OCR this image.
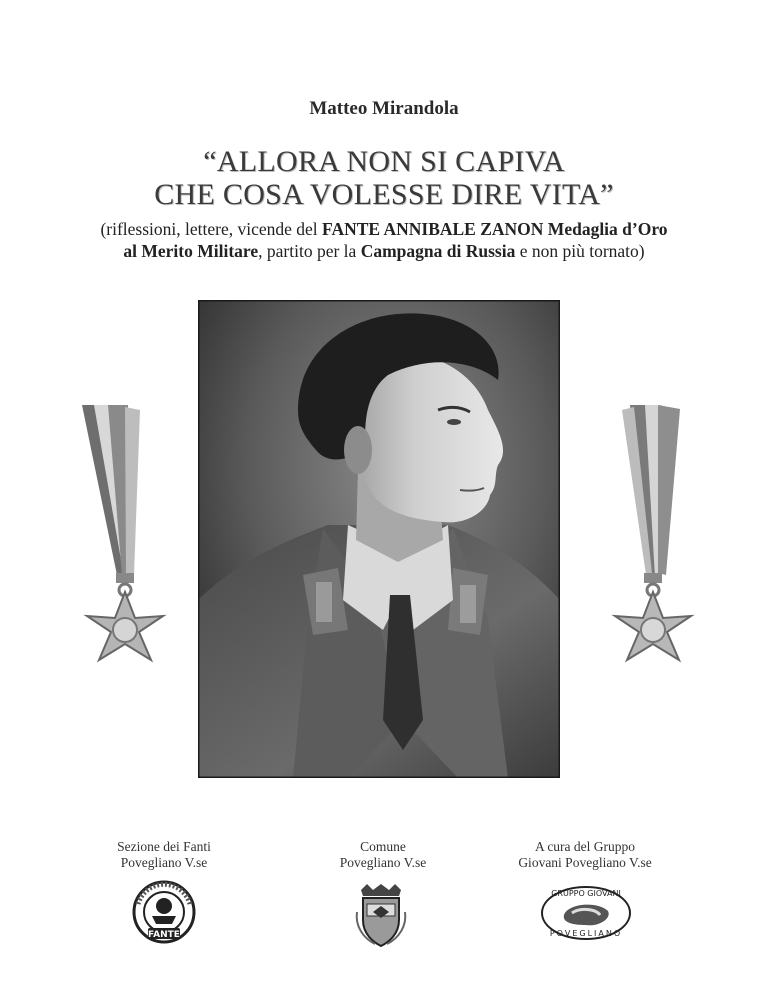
Matteo Mirandola
“ALLORA NON SI CAPIVA
CHE COSA VOLESSE DIRE VITA”
(riflessioni, lettere, vicende del FANTE ANNIBALE ZANON Medaglia d’Oro
al Merito Militare, partito per la Campagna di Russia e non più tornato)
Sezione dei Fanti
Povegliano V.se
Comune
Povegliano V.se
A cura del Gruppo
Giovani Povegliano V.se
FANTE
GRUPPO GIOVANI
POVEGLIANO
